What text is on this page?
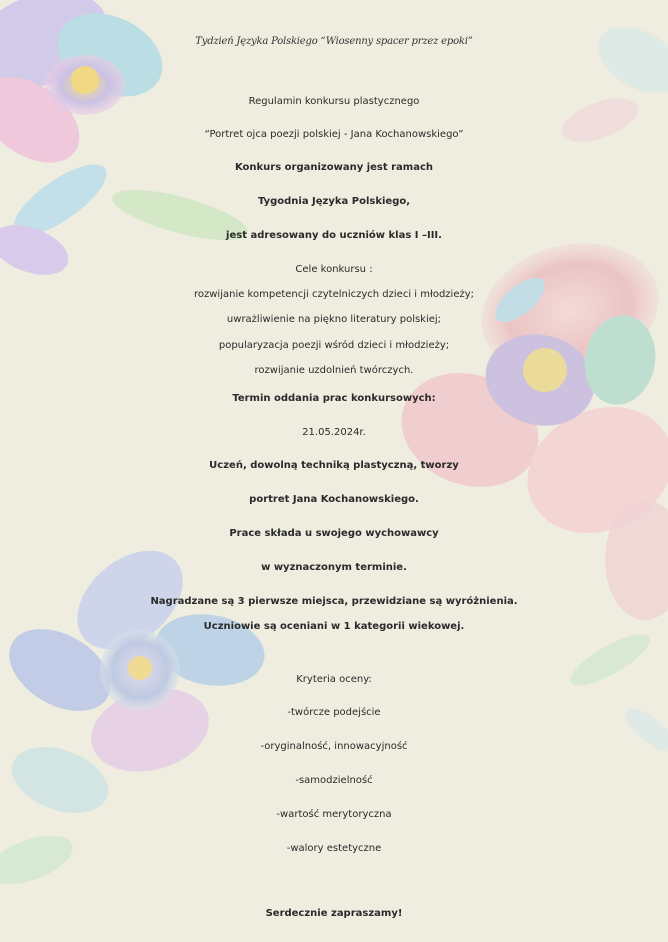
Tydzień Języka Polskiego “Wiosenny spacer przez epoki”
Regulamin konkursu plastycznego
“Portret ojca poezji polskiej - Jana Kochanowskiego”
Konkurs organizowany jest ramach
Tygodnia Języka Polskiego,
jest adresowany do uczniów klas I –III.
Cele konkursu :
rozwijanie kompetencji czytelniczych dzieci i młodzieży;
uwrażliwienie na piękno literatury polskiej;
popularyzacja poezji wśród dzieci i młodzieży;
rozwijanie uzdolnień twórczych.
Termin oddania prac konkursowych:
21.05.2024r.
Uczeń, dowolną techniką plastyczną, tworzy
portret Jana Kochanowskiego.
Prace składa u swojego wychowawcy
w wyznaczonym terminie.
Nagradzane są 3 pierwsze miejsca, przewidziane są wyróżnienia.
Uczniowie są oceniani w 1 kategorii wiekowej.
Kryteria oceny:
-twórcze podejście
-oryginalność, innowacyjność
-samodzielność
-wartość merytoryczna
-walory estetyczne
Serdecznie zapraszamy!
